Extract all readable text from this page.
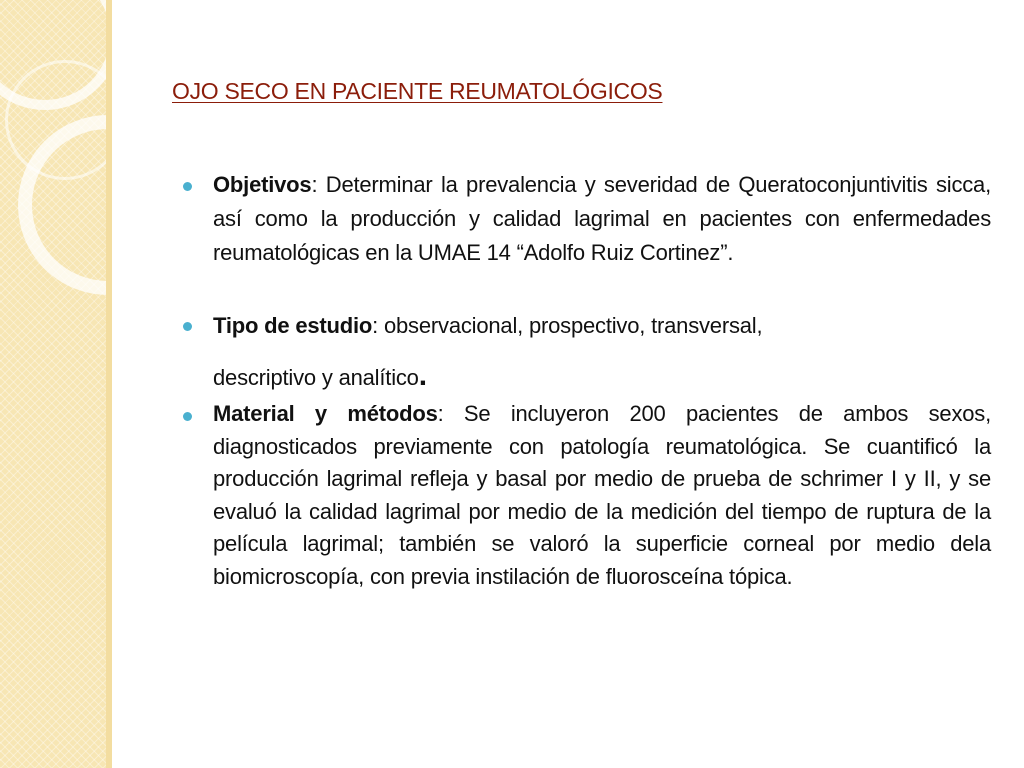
OJO SECO EN PACIENTE REUMATOLÓGICOS
Objetivos: Determinar la prevalencia y severidad de Queratoconjuntivitis sicca, así como la producción y calidad lagrimal en pacientes con enfermedades reumatológicas en la UMAE 14 “Adolfo Ruiz Cortinez”.
Tipo de estudio: observacional, prospectivo, transversal,
descriptivo y analítico.
Material y métodos: Se incluyeron 200 pacientes de ambos sexos, diagnosticados previamente con patología reumatológica. Se cuantificó la producción lagrimal refleja y basal por medio de prueba de schrimer I y II, y se evaluó la calidad lagrimal por medio de la medición del tiempo de ruptura de la película lagrimal; también se valoró la superficie corneal por medio dela biomicroscopía, con previa instilación de fluorosceína tópica.
